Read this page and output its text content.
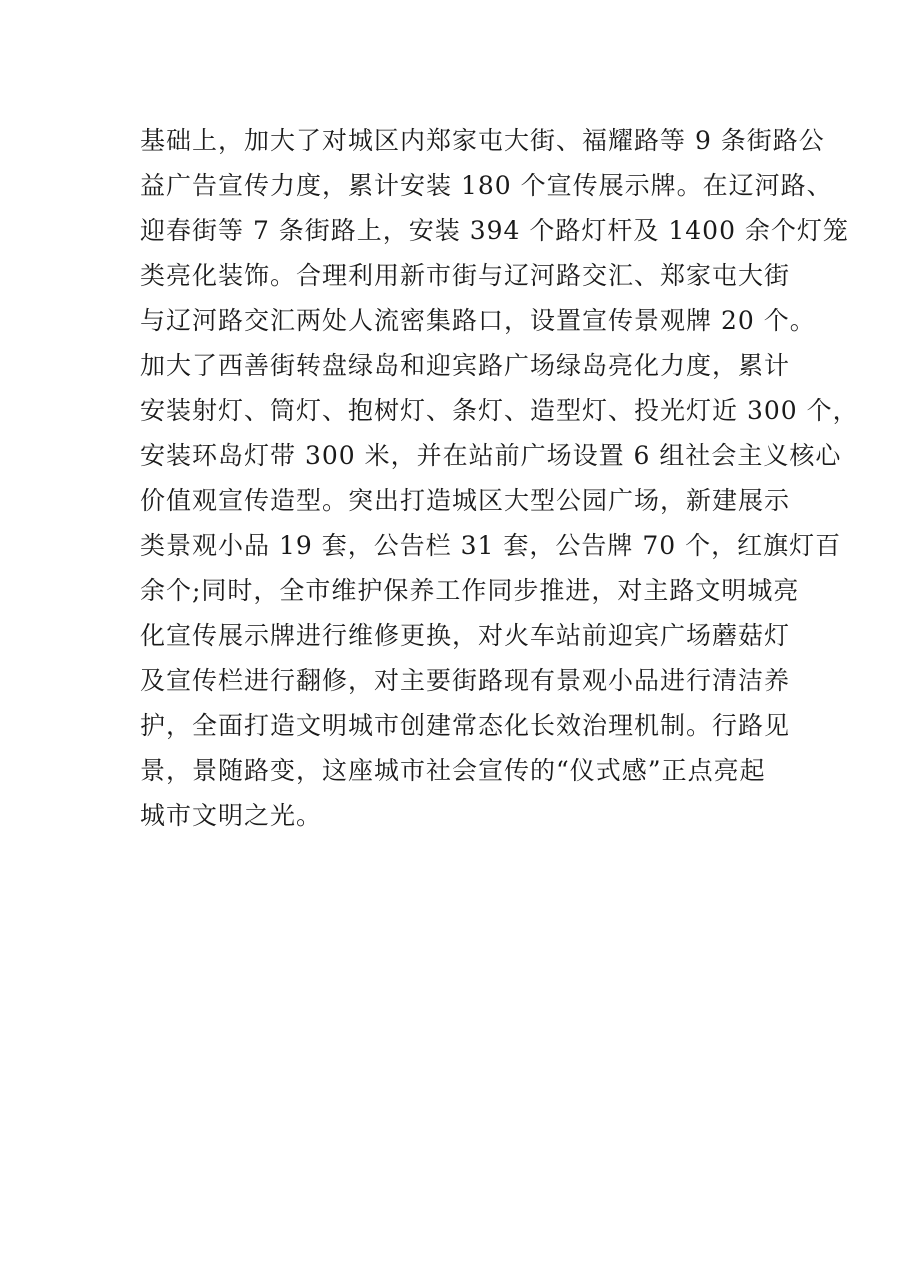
基础上，加大了对城区内郑家屯大街、福耀路等 9 条街路公
益广告宣传力度，累计安装 180 个宣传展示牌。在辽河路、
迎春街等 7 条街路上，安装 394 个路灯杆及 1400 余个灯笼
类亮化装饰。合理利用新市街与辽河路交汇、郑家屯大街
与辽河路交汇两处人流密集路口，设置宣传景观牌 20 个。
加大了西善街转盘绿岛和迎宾路广场绿岛亮化力度，累计
安装射灯、筒灯、抱树灯、条灯、造型灯、投光灯近 300 个，
安装环岛灯带 300 米，并在站前广场设置 6 组社会主义核心
价值观宣传造型。突出打造城区大型公园广场，新建展示
类景观小品 19 套，公告栏 31 套，公告牌 70 个，红旗灯百
余个;同时，全市维护保养工作同步推进，对主路文明城亮
化宣传展示牌进行维修更换，对火车站前迎宾广场蘑菇灯
及宣传栏进行翻修，对主要街路现有景观小品进行清洁养
护，全面打造文明城市创建常态化长效治理机制。行路见
景，景随路变，这座城市社会宣传的“仪式感”正点亮起
城市文明之光。
